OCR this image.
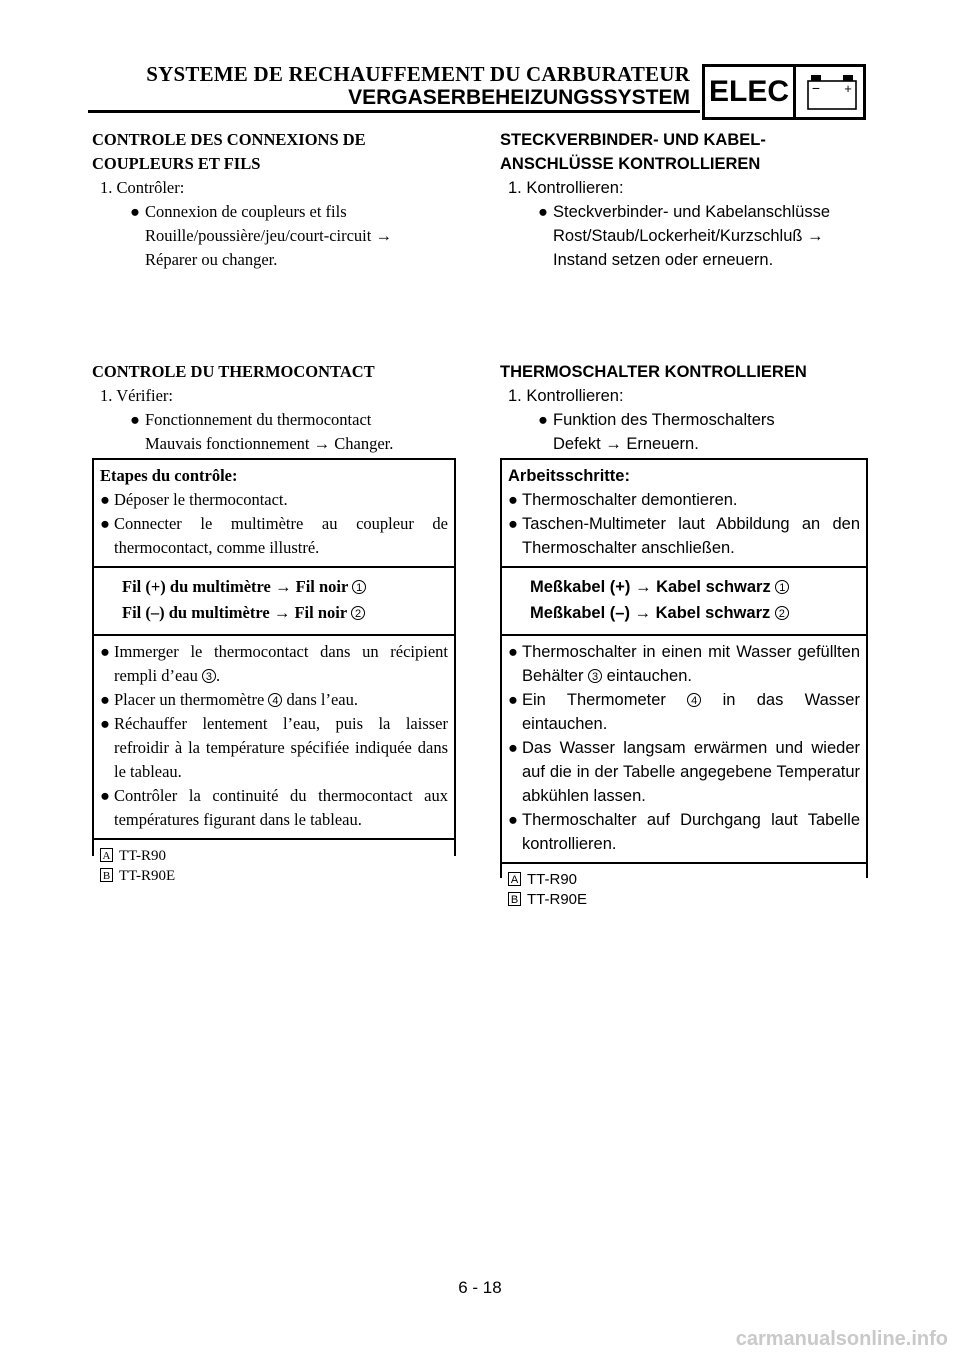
SYSTEME DE RECHAUFFEMENT DU CARBURATEUR
VERGASERBEHEIZUNGSSYSTEM ELEC	− +
CONTROLE DES CONNEXIONS DE
COUPLEURS ET FILS
1. Contrôler:
● Connexion de coupleurs et fils
Rouille/poussière/jeu/court-circuit →
Réparer ou changer.
CONTROLE DU THERMOCONTACT
1. Vérifier:
● Fonctionnement du thermocontact
Mauvais fonctionnement → Changer.
Etapes du contrôle:
● Déposer le thermocontact.
● Connecter le multimètre au coupleur de thermocontact, comme illustré.
Fil (+) du multimètre → Fil noir 1
Fil (–) du multimètre → Fil noir 2
● Immerger le thermocontact dans un récipient rempli d’eau 3 .
● Placer un thermomètre 4 dans l’eau.
● Réchauffer lentement l’eau, puis la laisser refroidir à la température spécifiée indiquée dans le tableau.
● Contrôler la continuité du thermocontact aux températures figurant dans le tableau.
A TT-R90
B TT-R90E
STECKVERBINDER- UND KABEL-
ANSCHLÜSSE KONTROLLIEREN
1. Kontrollieren:
● Steckverbinder- und Kabelanschlüsse
Rost/Staub/Lockerheit/Kurzschluß →
Instand setzen oder erneuern.
THERMOSCHALTER KONTROLLIEREN
1. Kontrollieren:
● Funktion des Thermoschalters
Defekt → Erneuern.
Arbeitsschritte:
● Thermoschalter demontieren.
● Taschen-Multimeter laut Abbildung an den Thermoschalter anschließen.
Meßkabel (+) → Kabel schwarz 1
Meßkabel (–) → Kabel schwarz 2
● Thermoschalter in einen mit Wasser gefüllten Behälter 3 eintauchen.
● Ein Thermometer 4 in das Wasser eintauchen.
● Das Wasser langsam erwärmen und wieder auf die in der Tabelle angegebene Temperatur abkühlen lassen.
● Thermoschalter auf Durchgang laut Tabelle kontrollieren.
A TT-R90
B TT-R90E
6 - 18
carmanualsonline.info
